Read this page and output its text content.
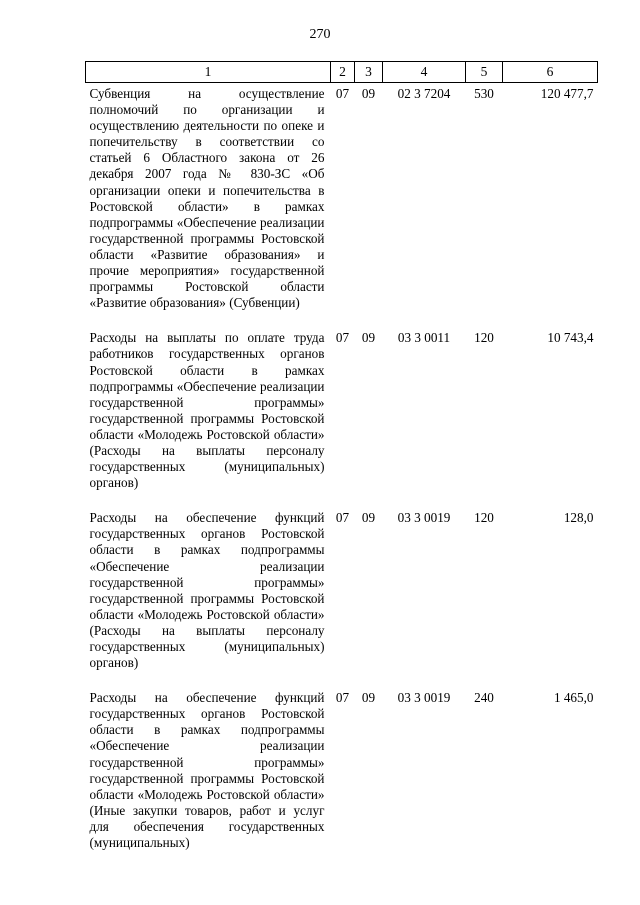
270
1	2	3	4	5	6
Субвенция на осуществление полномочий по организации и осуществлению деятельности по опеке и попечительству в соответствии со статьей 6 Областного закона от 26 декабря 2007 года № 830-ЗС «Об организации опеки и попечительства в Ростовской области» в рамках подпрограммы «Обеспечение реализации государственной программы Ростовской области «Развитие образования» и прочие мероприятия» государственной программы Ростовской области «Развитие образования» (Субвенции)	07	09	02 3 7204	530	120 477,7
Расходы на выплаты по оплате труда работников государственных органов Ростовской области в рамках подпрограммы «Обеспечение реализации государственной программы» государственной программы Ростовской области «Молодежь Ростовской области» (Расходы на выплаты персоналу государственных (муниципальных) органов)	07	09	03 3 0011	120	10 743,4
Расходы на обеспечение функций государственных органов Ростовской области в рамках подпрограммы «Обеспечение реализации государственной программы» государственной программы Ростовской области «Молодежь Ростовской области» (Расходы на выплаты персоналу государственных (муниципальных) органов)	07	09	03 3 0019	120	128,0
Расходы на обеспечение функций государственных органов Ростовской области в рамках подпрограммы «Обеспечение реализации государственной программы» государственной программы Ростовской области «Молодежь Ростовской области» (Иные закупки товаров, работ и услуг для обеспечения государственных (муниципальных)	07	09	03 3 0019	240	1 465,0
